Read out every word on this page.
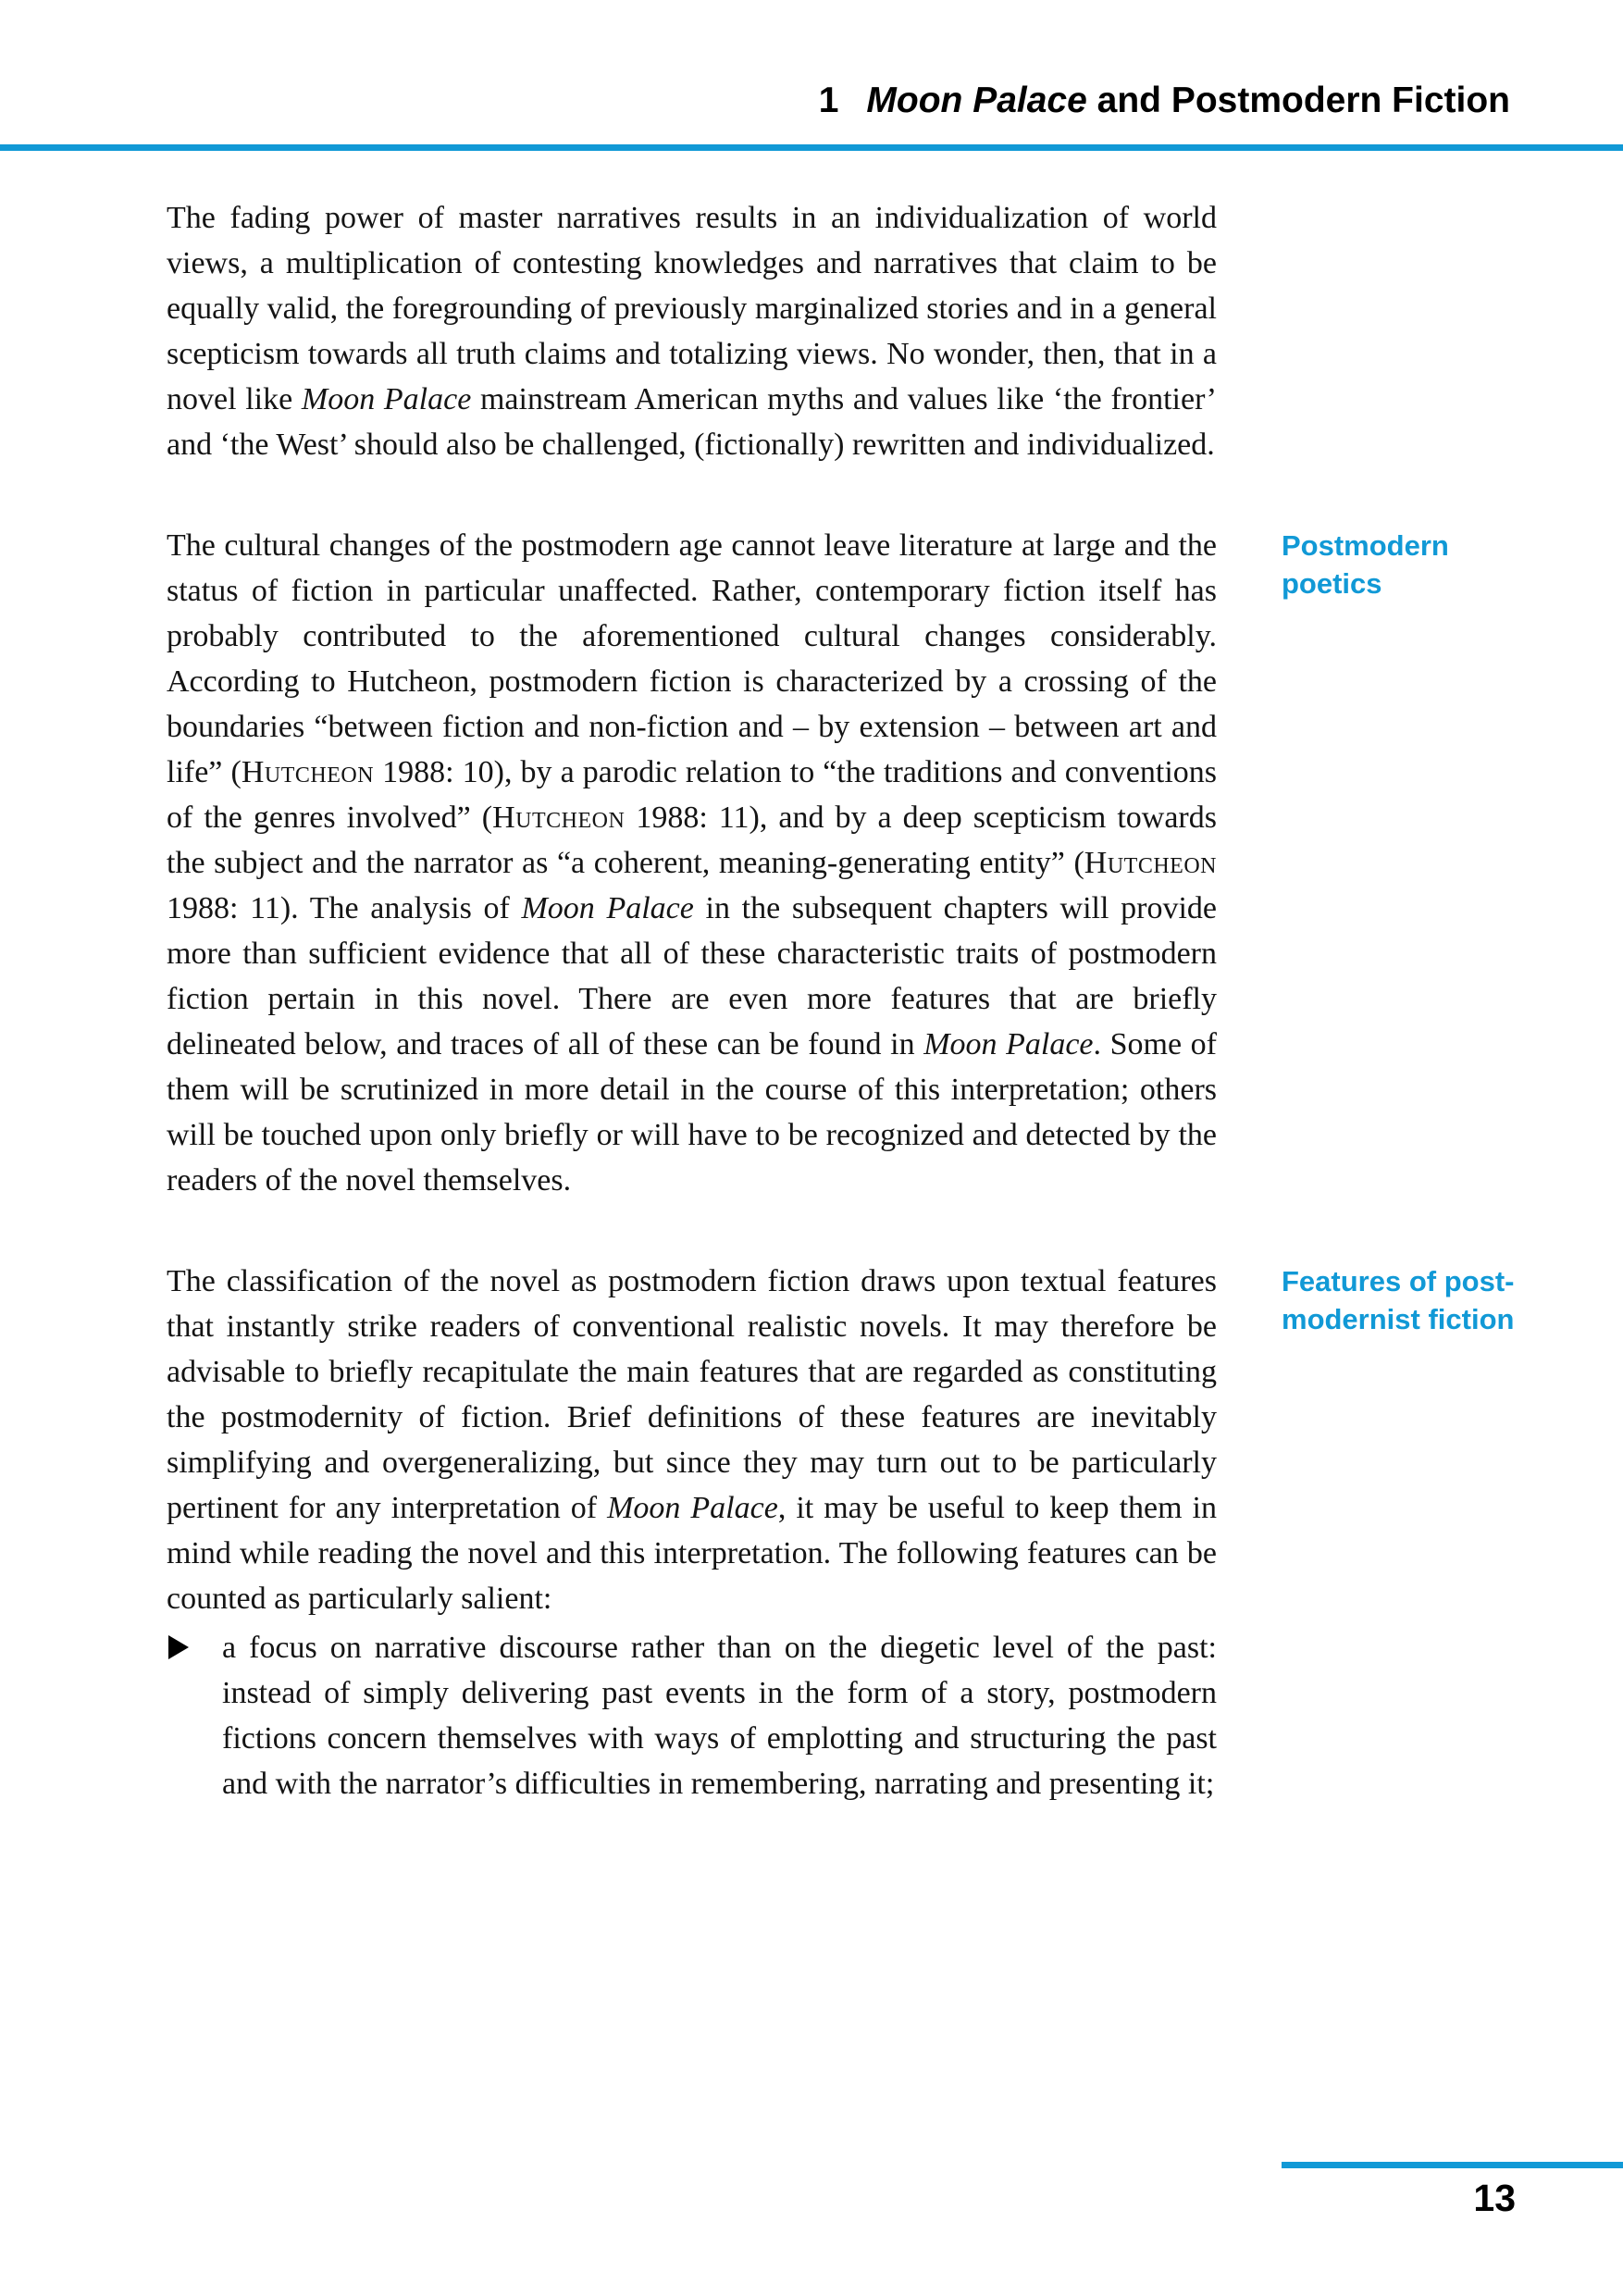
1 Moon Palace and Postmodern Fiction

The fading power of master narratives results in an individualization of world views, a multiplication of contesting knowledges and narratives that claim to be equally valid, the foregrounding of previously marginalized stories and in a general scepticism towards all truth claims and totalizing views. No wonder, then, that in a novel like Moon Palace mainstream American myths and values like ‘the frontier’ and ‘the West’ should also be challenged, (fictionally) rewritten and individualized.

The cultural changes of the postmodern age cannot leave literature at large and the status of fiction in particular unaffected. Rather, contemporary fiction itself has probably contributed to the aforementioned cultural changes considerably. According to Hutcheon, postmodern fiction is characterized by a crossing of the boundaries “between fiction and non-fiction and – by extension – between art and life” (Hutcheon 1988: 10), by a parodic relation to “the traditions and conventions of the genres involved” (Hutcheon 1988: 11), and by a deep scepticism towards the subject and the narrator as “a coherent, meaning-generating entity” (Hutcheon 1988: 11). The analysis of Moon Palace in the subsequent chapters will provide more than sufficient evidence that all of these characteristic traits of postmodern fiction pertain in this novel. There are even more features that are briefly delineated below, and traces of all of these can be found in Moon Palace. Some of them will be scrutinized in more detail in the course of this interpretation; others will be touched upon only briefly or will have to be recognized and detected by the readers of the novel themselves.

Postmodern poetics

The classification of the novel as postmodern fiction draws upon textual features that instantly strike readers of conventional realistic novels. It may therefore be advisable to briefly recapitulate the main features that are regarded as constituting the postmodernity of fiction. Brief definitions of these features are inevitably simplifying and overgeneralizing, but since they may turn out to be particularly pertinent for any interpretation of Moon Palace, it may be useful to keep them in mind while reading the novel and this interpretation. The following features can be counted as particularly salient:

Features of post-modernist fiction

a focus on narrative discourse rather than on the diegetic level of the past: instead of simply delivering past events in the form of a story, postmodern fictions concern themselves with ways of emplotting and structuring the past and with the narrator’s difficulties in remembering, narrating and presenting it;

13
